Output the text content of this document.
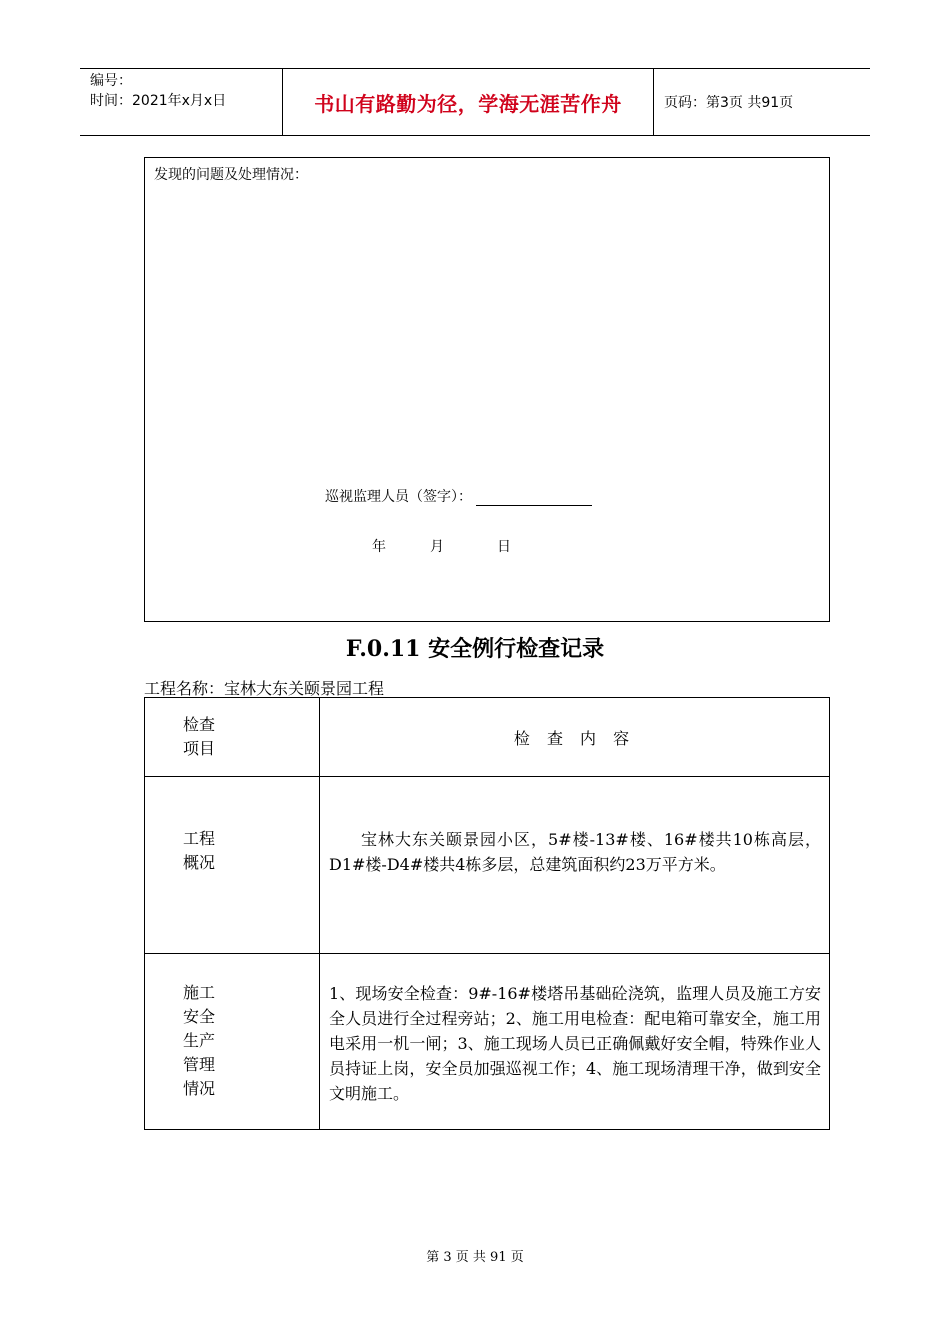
编号：
时间：2021年x月x日	书山有路勤为径，学海无涯苦作舟	页码：第3页 共91页
发现的问题及处理情况：
巡视监理人员（签字）：
年	月	日
F.0.11 安全例行检查记录
工程名称：宝林大东关颐景园工程
检查
项目	检 查 内 容

工程
概况	宝林大东关颐景园小区，5#楼-13#楼、16#楼共10栋高层，D1#楼-D4#楼共4栋多层，总建筑面积约23万平方米。

施工
安全
生产
管理
情况	1、现场安全检查：9#-16#楼塔吊基础砼浇筑，监理人员及施工方安全人员进行全过程旁站；2、施工用电检查：配电箱可靠安全，施工用电采用一机一闸；3、施工现场人员已正确佩戴好安全帽，特殊作业人员持证上岗，安全员加强巡视工作；4、施工现场清理干净，做到安全文明施工。
第 3 页 共 91 页
